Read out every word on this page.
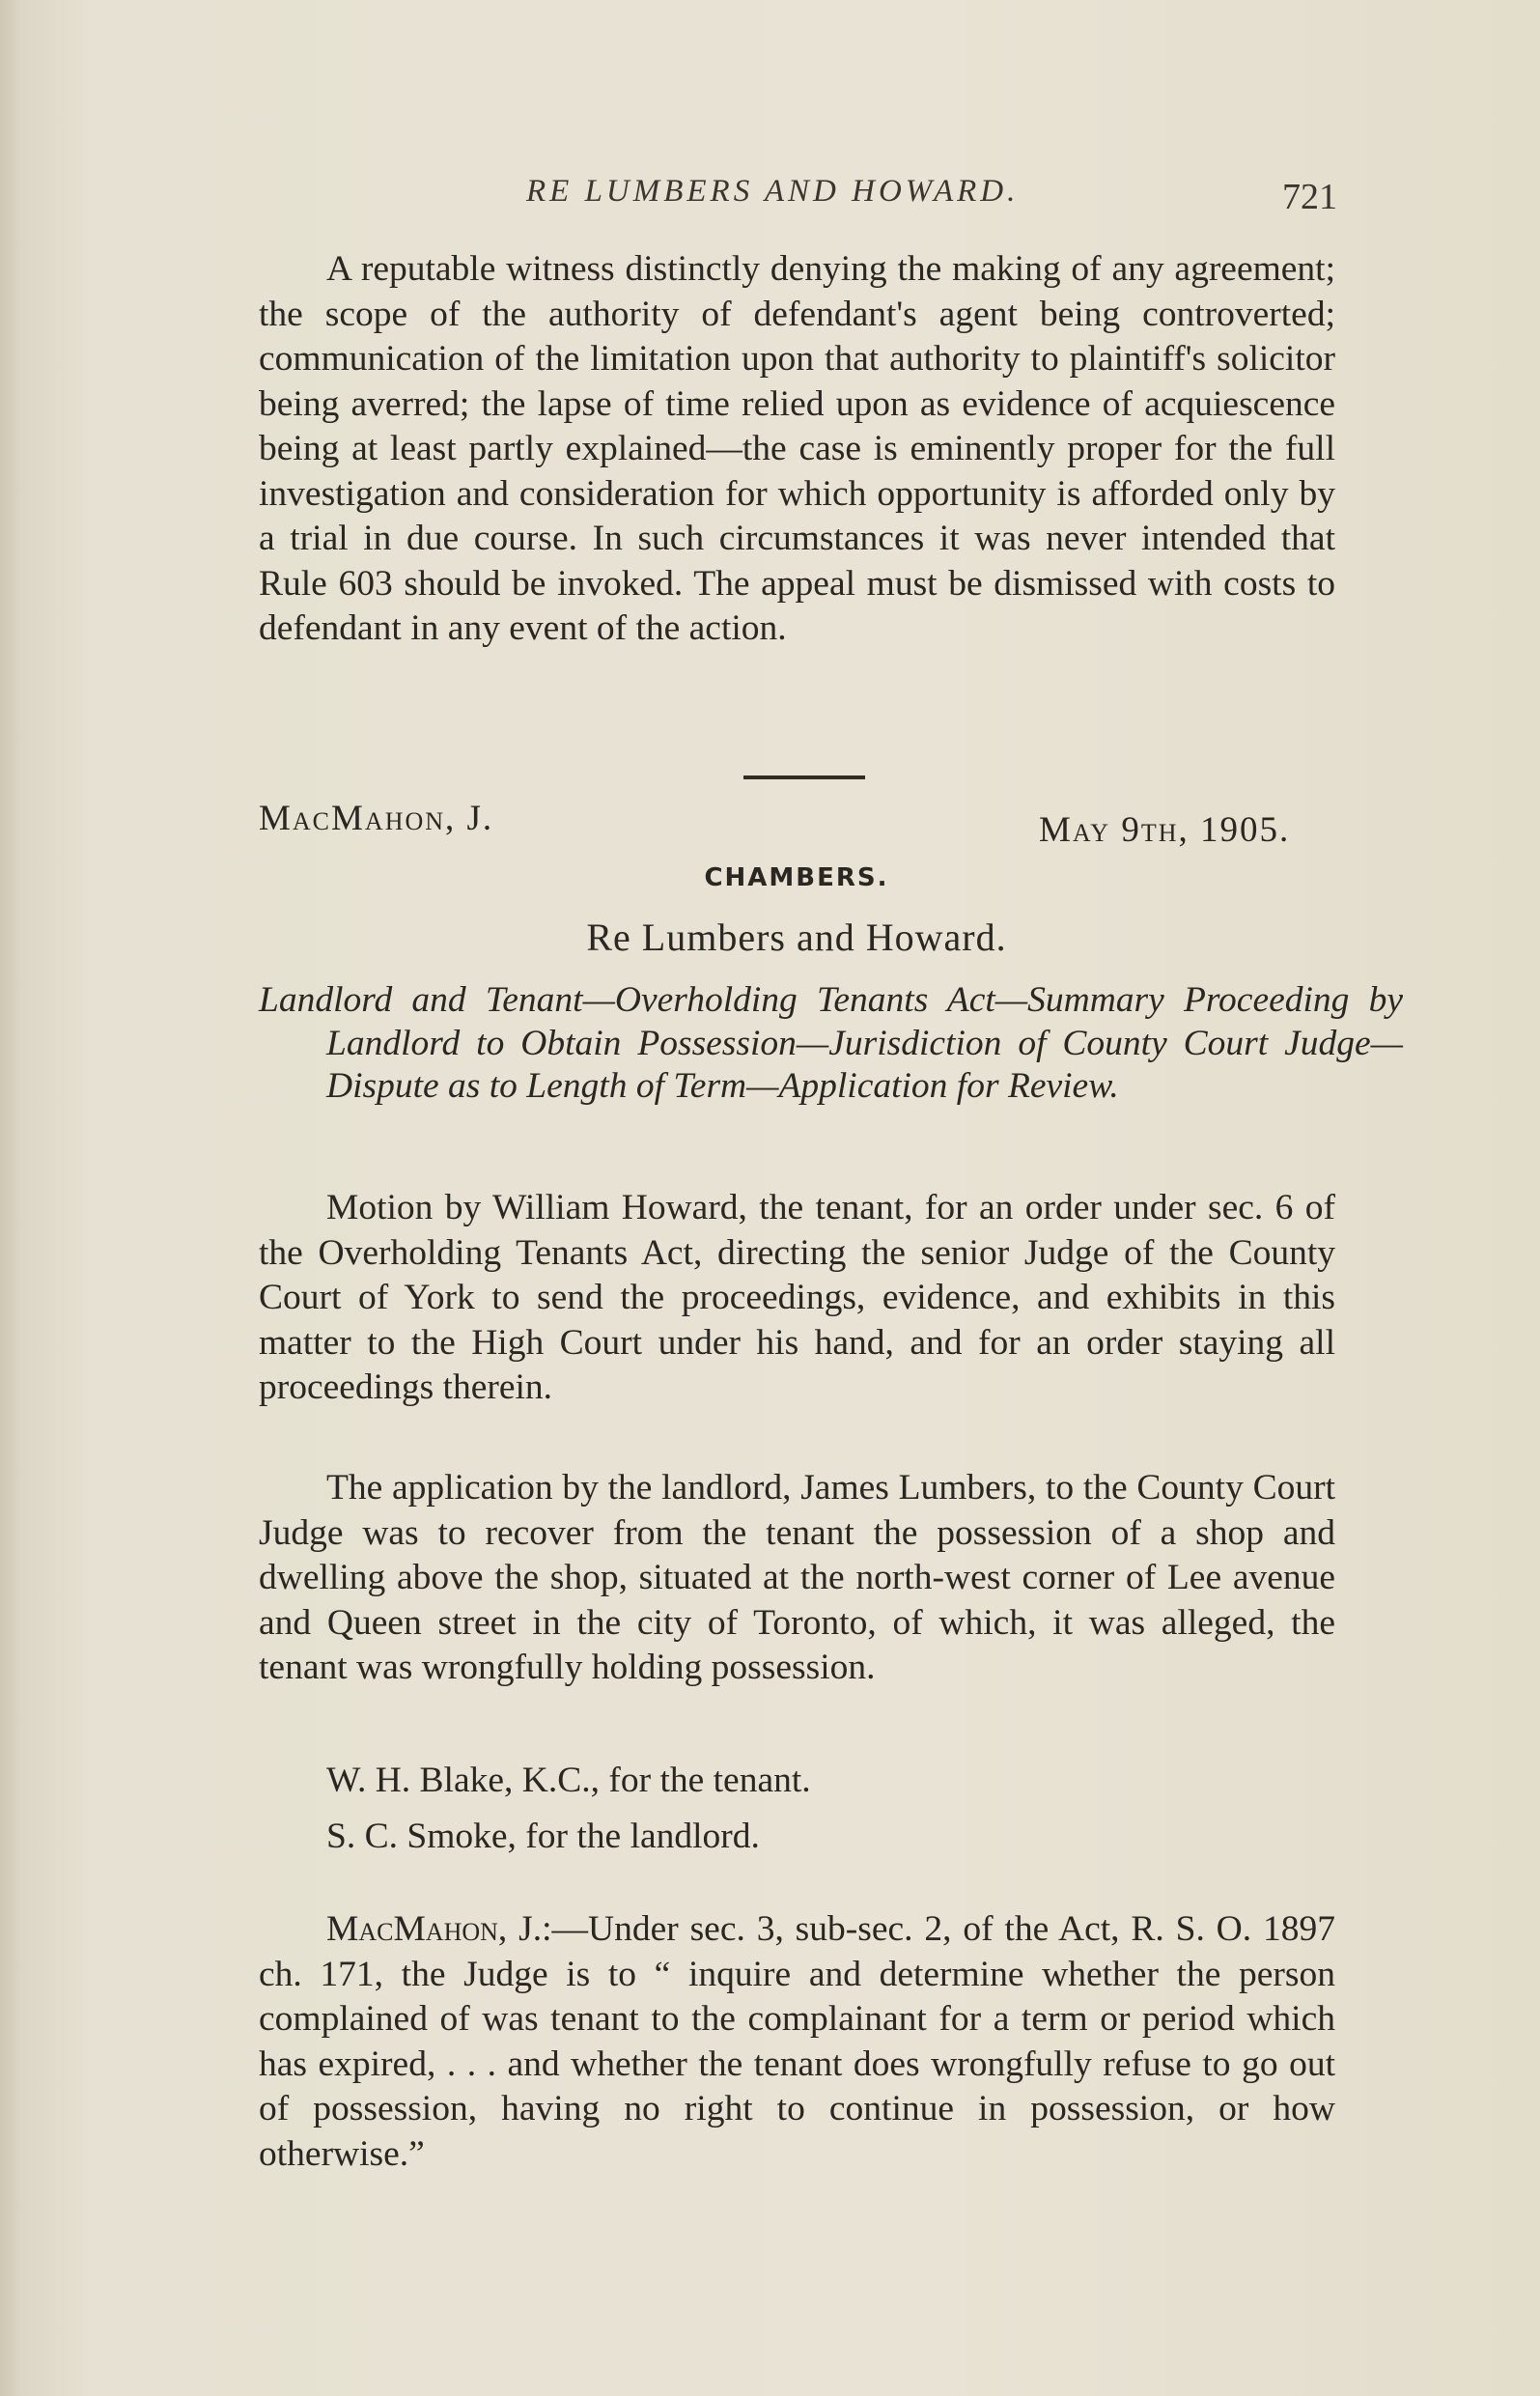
RE LUMBERS AND HOWARD.	721

A reputable witness distinctly denying the making of any agreement; the scope of the authority of defendant's agent being controverted; communication of the limitation upon that authority to plaintiff's solicitor being averred; the lapse of time relied upon as evidence of acquiescence being at least partly explained—the case is eminently proper for the full investigation and consideration for which opportunity is afforded only by a trial in due course. In such circumstances it was never intended that Rule 603 should be invoked. The appeal must be dismissed with costs to defendant in any event of the action.

MacMahon, J.	May 9th, 1905.
CHAMBERS.
Re Lumbers and Howard.

Landlord and Tenant—Overholding Tenants Act—Summary Proceeding by Landlord to Obtain Possession—Jurisdiction of County Court Judge—Dispute as to Length of Term—Application for Review.

Motion by William Howard, the tenant, for an order under sec. 6 of the Overholding Tenants Act, directing the senior Judge of the County Court of York to send the proceedings, evidence, and exhibits in this matter to the High Court under his hand, and for an order staying all proceedings therein.

The application by the landlord, James Lumbers, to the County Court Judge was to recover from the tenant the possession of a shop and dwelling above the shop, situated at the north-west corner of Lee avenue and Queen street in the city of Toronto, of which, it was alleged, the tenant was wrongfully holding possession.

W. H. Blake, K.C., for the tenant.
S. C. Smoke, for the landlord.

MacMahon, J.:—Under sec. 3, sub-sec. 2, of the Act, R. S. O. 1897 ch. 171, the Judge is to “ inquire and determine whether the person complained of was tenant to the complainant for a term or period which has expired, . . . and whether the tenant does wrongfully refuse to go out of possession, having no right to continue in possession, or how otherwise.”
